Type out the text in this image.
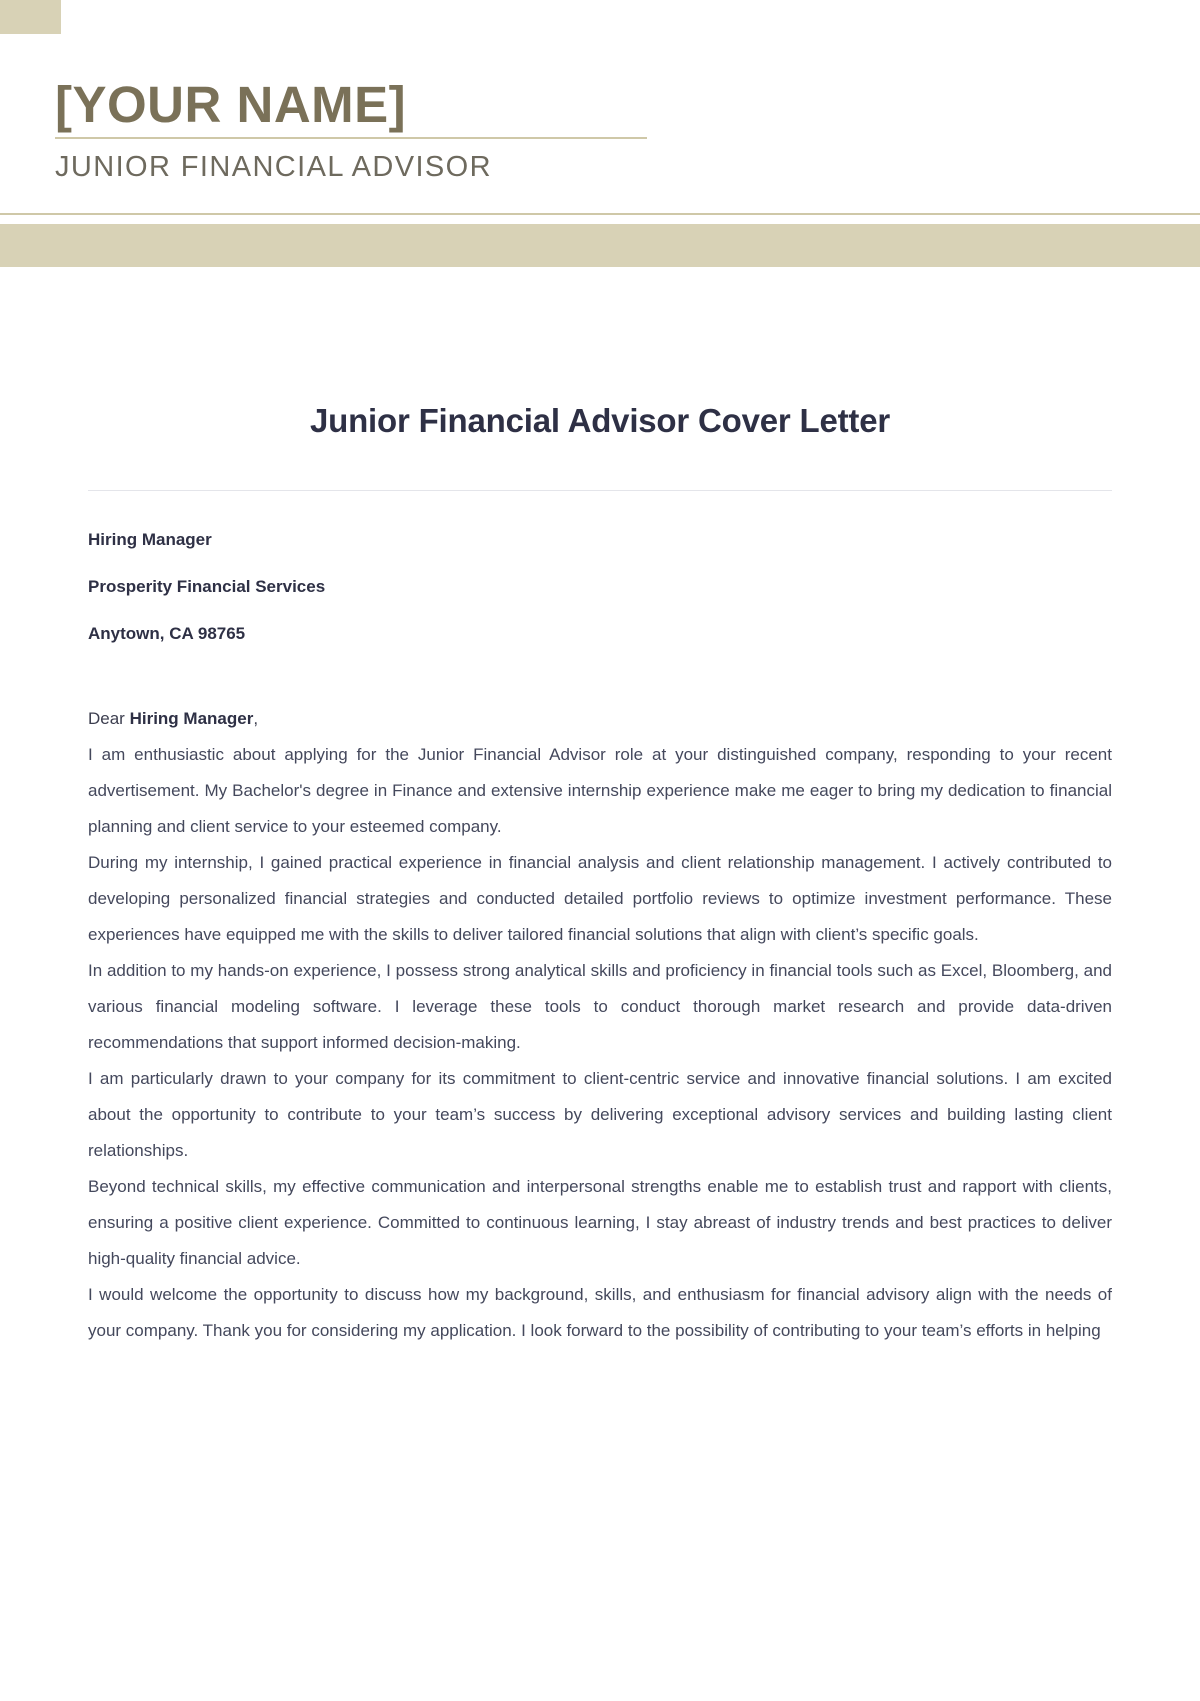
[YOUR NAME]
JUNIOR FINANCIAL ADVISOR
Junior Financial Advisor Cover Letter
Hiring Manager
Prosperity Financial Services
Anytown, CA 98765
Dear Hiring Manager,

I am enthusiastic about applying for the Junior Financial Advisor role at your distinguished company, responding to your recent advertisement. My Bachelor's degree in Finance and extensive internship experience make me eager to bring my dedication to financial planning and client service to your esteemed company.

During my internship, I gained practical experience in financial analysis and client relationship management. I actively contributed to developing personalized financial strategies and conducted detailed portfolio reviews to optimize investment performance. These experiences have equipped me with the skills to deliver tailored financial solutions that align with client’s specific goals.

In addition to my hands-on experience, I possess strong analytical skills and proficiency in financial tools such as Excel, Bloomberg, and various financial modeling software. I leverage these tools to conduct thorough market research and provide data-driven recommendations that support informed decision-making.

I am particularly drawn to your company for its commitment to client-centric service and innovative financial solutions. I am excited about the opportunity to contribute to your team’s success by delivering exceptional advisory services and building lasting client relationships.

Beyond technical skills, my effective communication and interpersonal strengths enable me to establish trust and rapport with clients, ensuring a positive client experience. Committed to continuous learning, I stay abreast of industry trends and best practices to deliver high-quality financial advice.

I would welcome the opportunity to discuss how my background, skills, and enthusiasm for financial advisory align with the needs of your company. Thank you for considering my application. I look forward to the possibility of contributing to your team’s efforts in helping
